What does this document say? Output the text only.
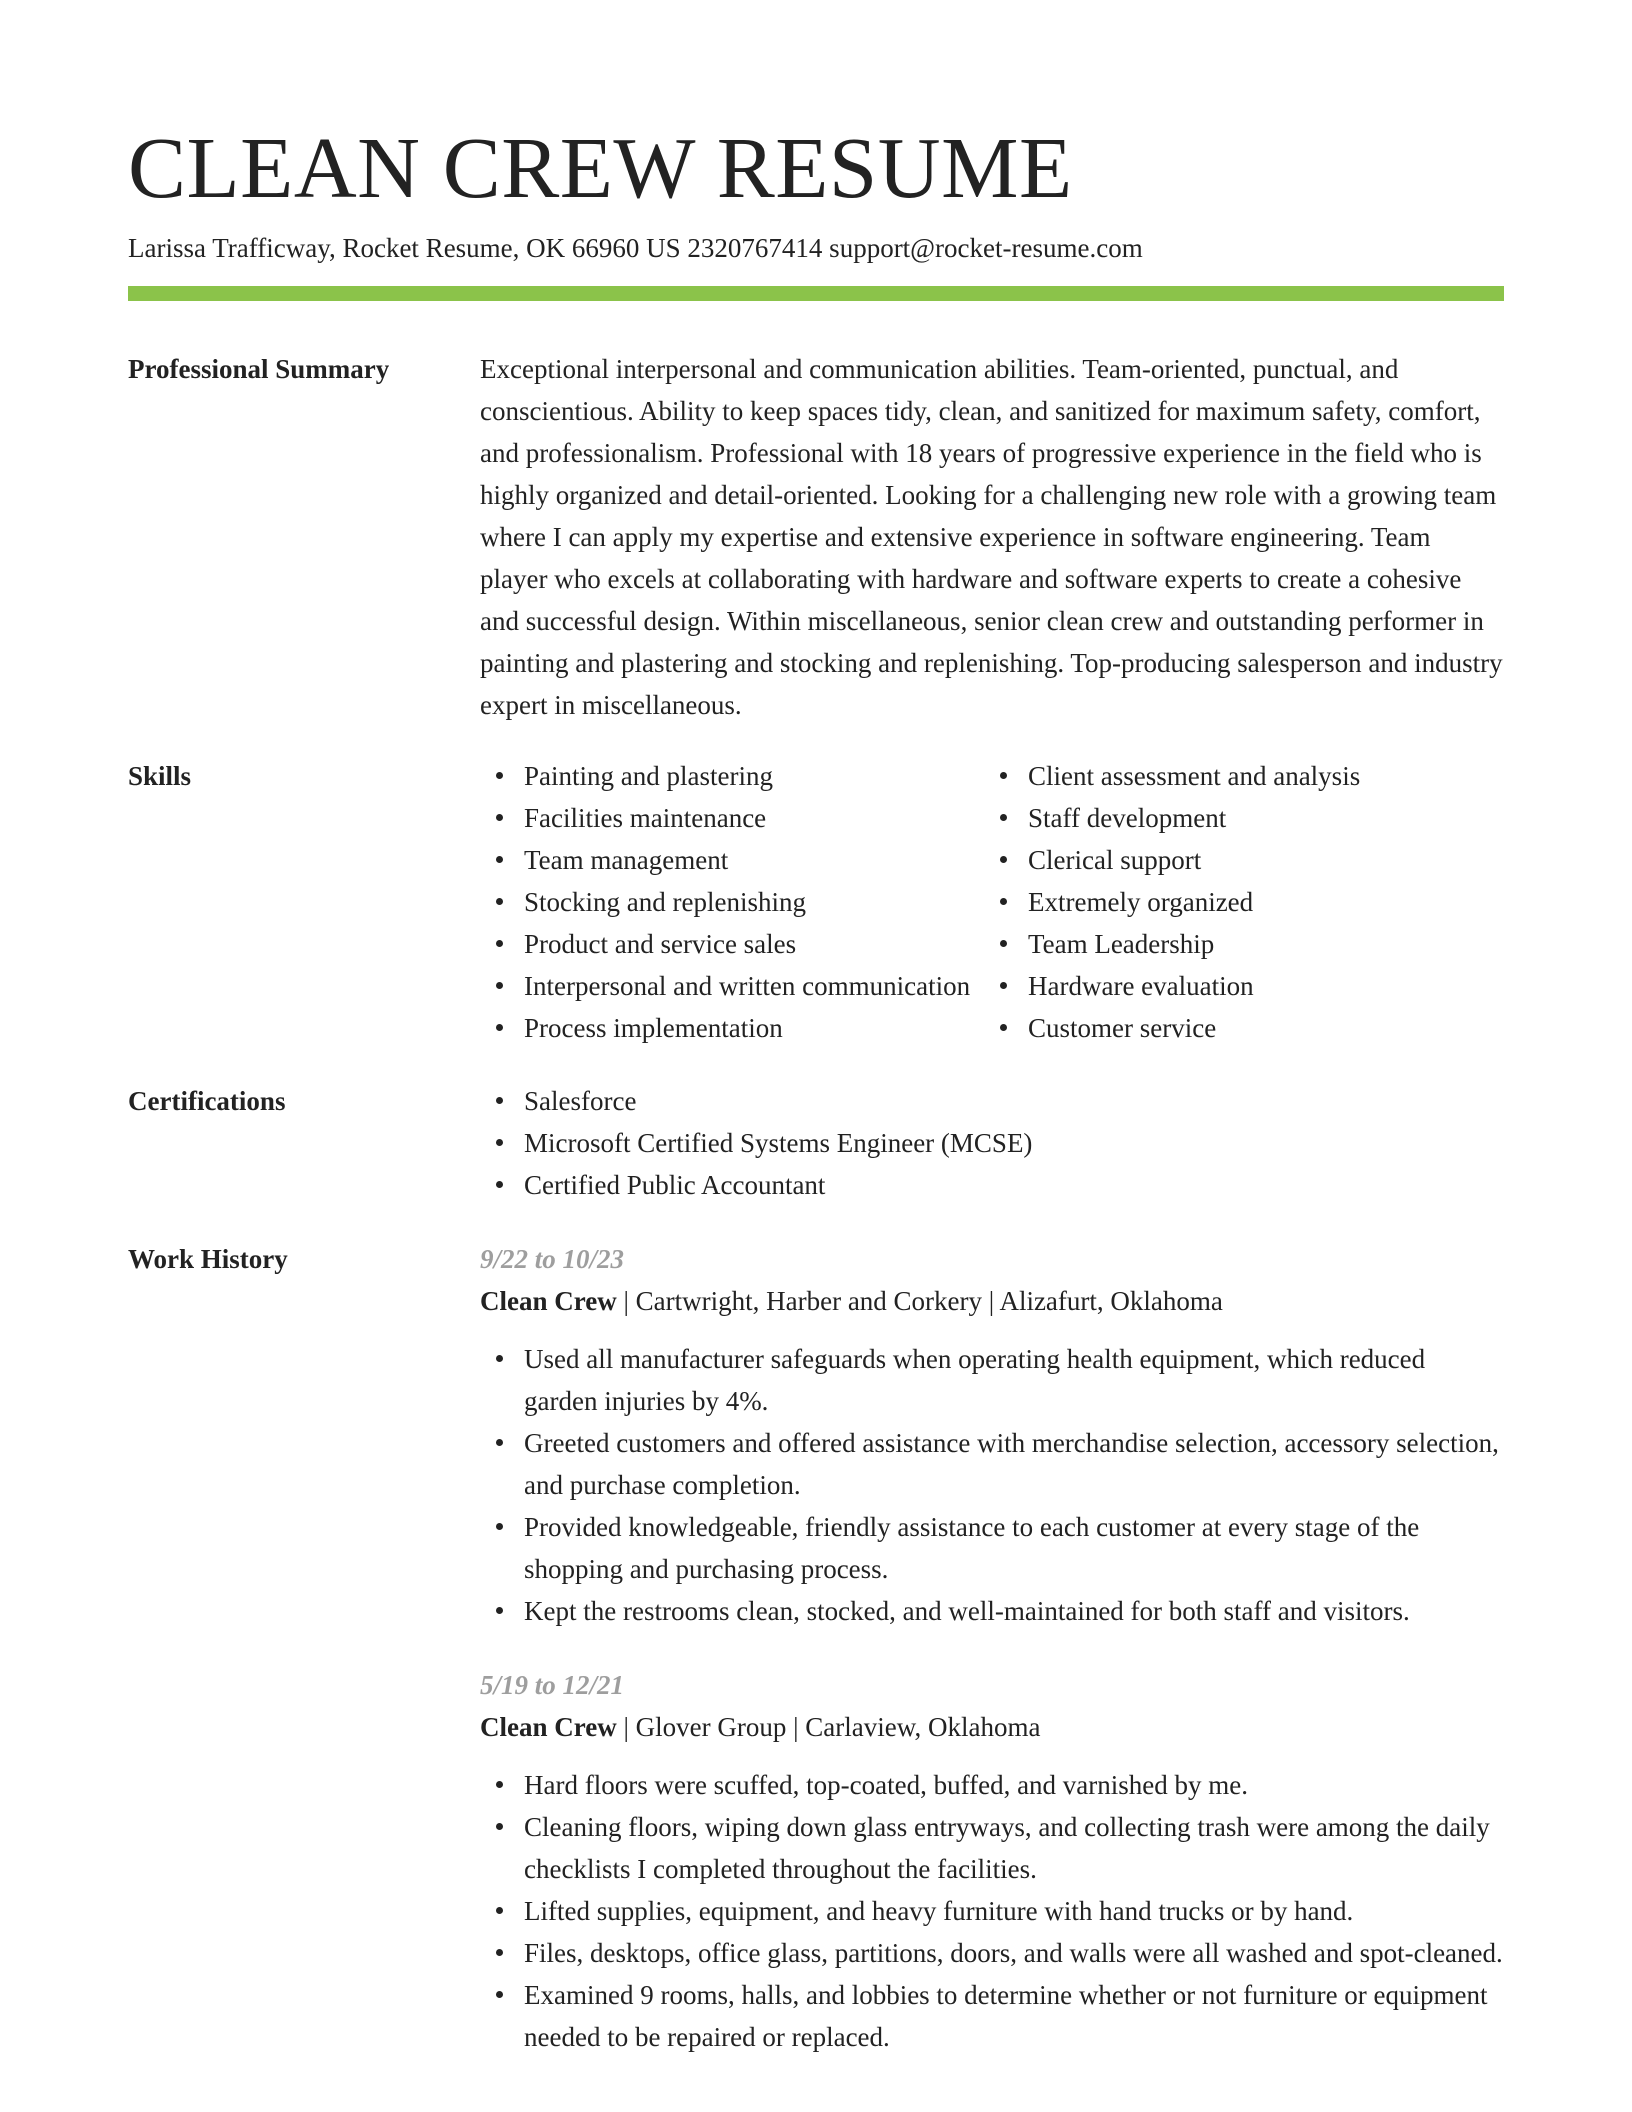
CLEAN CREW RESUME
Larissa Trafficway, Rocket Resume, OK 66960 US 2320767414 support@rocket-resume.com
Professional Summary	Exceptional interpersonal and communication abilities. Team-oriented, punctual, and conscientious. Ability to keep spaces tidy, clean, and sanitized for maximum safety, comfort, and professionalism. Professional with 18 years of progressive experience in the field who is highly organized and detail-oriented. Looking for a challenging new role with a growing team where I can apply my expertise and extensive experience in software engineering. Team player who excels at collaborating with hardware and software experts to create a cohesive and successful design. Within miscellaneous, senior clean crew and outstanding performer in painting and plastering and stocking and replenishing. Top-producing salesperson and industry expert in miscellaneous.

Skills	Painting and plastering
Facilities maintenance
Team management
Stocking and replenishing
Product and service sales
Interpersonal and written communication
Process implementation
Client assessment and analysis
Staff development
Clerical support
Extremely organized
Team Leadership
Hardware evaluation
Customer service
Certifications	Salesforce
Microsoft Certified Systems Engineer (MCSE)
Certified Public Accountant
Work History	9/22 to 10/23
Clean Crew | Cartwright, Harber and Corkery | Alizafurt, Oklahoma
Used all manufacturer safeguards when operating health equipment, which reduced garden injuries by 4%.
Greeted customers and offered assistance with merchandise selection, accessory selection, and purchase completion.
Provided knowledgeable, friendly assistance to each customer at every stage of the shopping and purchasing process.
Kept the restrooms clean, stocked, and well-maintained for both staff and visitors.
5/19 to 12/21
Clean Crew | Glover Group | Carlaview, Oklahoma
Hard floors were scuffed, top-coated, buffed, and varnished by me.
Cleaning floors, wiping down glass entryways, and collecting trash were among the daily checklists I completed throughout the facilities.
Lifted supplies, equipment, and heavy furniture with hand trucks or by hand.
Files, desktops, office glass, partitions, doors, and walls were all washed and spot-cleaned.
Examined 9 rooms, halls, and lobbies to determine whether or not furniture or equipment needed to be repaired or replaced.
